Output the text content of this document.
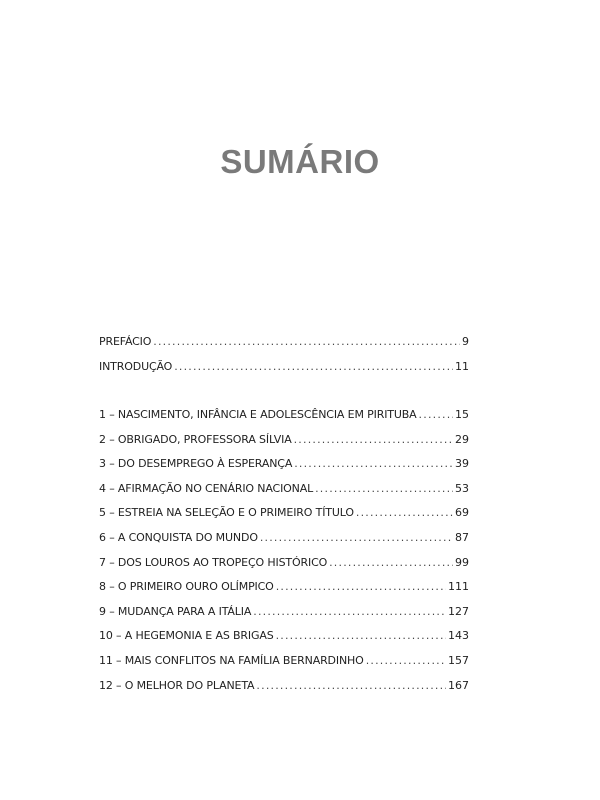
SUMÁRIO
PREFÁCIO .....	9
INTRODUÇÃO .....	11
1 – NASCIMENTO, INFÂNCIA E ADOLESCÊNCIA EM PIRITUBA .....	15
2 – OBRIGADO, PROFESSORA SÍLVIA .....	29
3 – DO DESEMPREGO À ESPERANÇA .....	39
4 – AFIRMAÇÃO NO CENÁRIO NACIONAL .....	53
5 – ESTREIA NA SELEÇÃO E O PRIMEIRO TÍTULO .....	69
6 – A CONQUISTA DO MUNDO .....	87
7 – DOS LOUROS AO TROPEÇO HISTÓRICO .....	99
8 – O PRIMEIRO OURO OLÍMPICO .....	111
9 – MUDANÇA PARA A ITÁLIA .....	127
10 – A HEGEMONIA E AS BRIGAS .....	143
11 – MAIS CONFLITOS NA FAMÍLIA BERNARDINHO .....	157
12 – O MELHOR DO PLANETA .....	167
